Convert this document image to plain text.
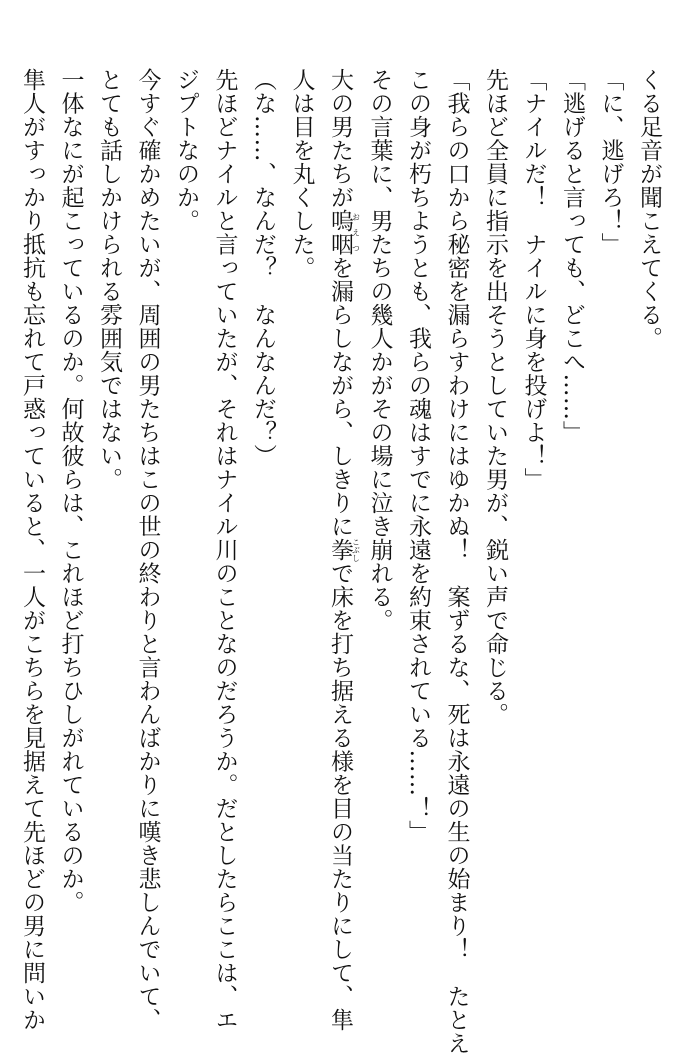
くる足音が聞こえてくる。
「に、逃げろ！」
「逃げると言っても、どこへ……」
「ナイルだ！　ナイルに身を投げよ！」
先ほど全員に指示を出そうとしていた男が、鋭い声で命じる。
「我らの口から秘密を漏らすわけにはゆかぬ！　案ずるな、死は永遠の生の始まり！　たとえ
この身が朽ちようとも、我らの魂はすでに永遠を約束されている……！」
その言葉に、男たちの幾人かがその場に泣き崩れる。
大の男たちが嗚咽おえつを漏らしながら、しきりに拳こぶしで床を打ち据える様を目の当たりにして、隼
人は目を丸くした。
（な……、なんだ？　なんなんだ？）
先ほどナイルと言っていたが、それはナイル川のことなのだろうか。だとしたらここは、エ
ジプトなのか。
今すぐ確かめたいが、周囲の男たちはこの世の終わりと言わんばかりに嘆き悲しんでいて、
とても話しかけられる雰囲気ではない。
一体なにが起こっているのか。何故彼らは、これほど打ちひしがれているのか。
隼人がすっかり抵抗も忘れて戸惑っていると、一人がこちらを見据えて先ほどの男に問いか
